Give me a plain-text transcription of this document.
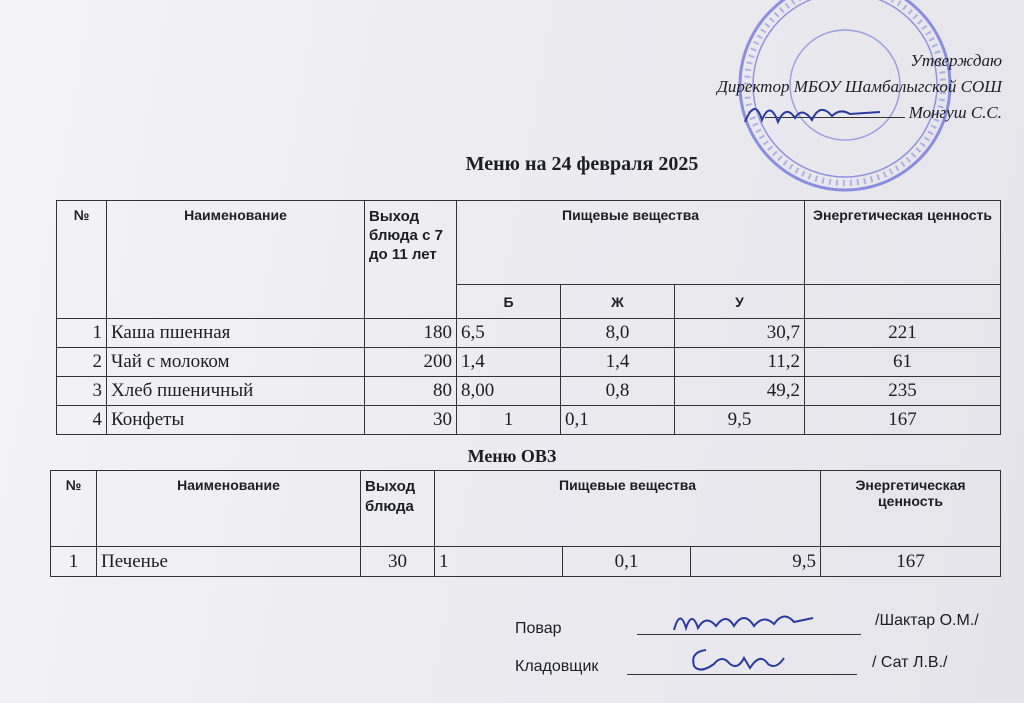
Утверждаю
Директор МБОУ Шамбалыгской СОШ
Монгуш С.С.
Меню на 24 февраля 2025
№	Наименование	Выход блюда с 7 до 11 лет	Пищевые вещества			Энергетическая ценность
			Б	Ж	У	
1	Каша пшенная	180	6,5	8,0	30,7	221
2	Чай с молоком	200	1,4	1,4	11,2	61
3	Хлеб пшеничный	80	8,00	0,8	49,2	235
4	Конфеты	30	1	0,1	9,5	167
Меню ОВЗ
№	Наименование	Выход блюда	Пищевые вещества			Энергетическая ценность
1	Печенье	30	1	0,1	9,5	167
Повар	/Шактар О.М./
Кладовщик	/ Сат Л.В./
